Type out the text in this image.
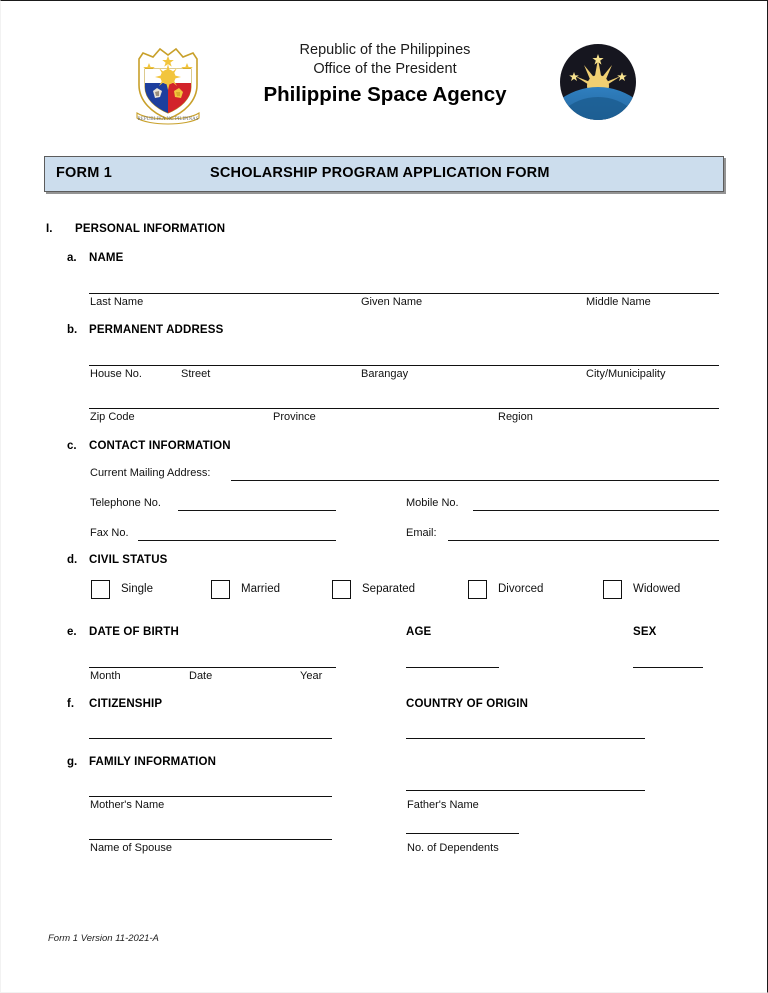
REPUBLIKA NG PILIPINAS
Republic of the Philippines
Office of the President
Philippine Space Agency
FORM 1	SCHOLARSHIP PROGRAM APPLICATION FORM
I. PERSONAL INFORMATION
a. NAME
Last Name	Given Name	Middle Name
b. PERMANENT ADDRESS
House No.	Street	Barangay	City/Municipality
Zip Code	Province	Region
c. CONTACT INFORMATION
Current Mailing Address:
Telephone No.	Mobile No.
Fax No.	Email:
d. CIVIL STATUS
Single	Married	Separated	Divorced	Widowed
e. DATE OF BIRTH	AGE	SEX
Month	Date	Year
f. CITIZENSHIP	COUNTRY OF ORIGIN
g. FAMILY INFORMATION
Mother's Name	Father's Name
Name of Spouse	No. of Dependents
Form 1 Version 11-2021-A
